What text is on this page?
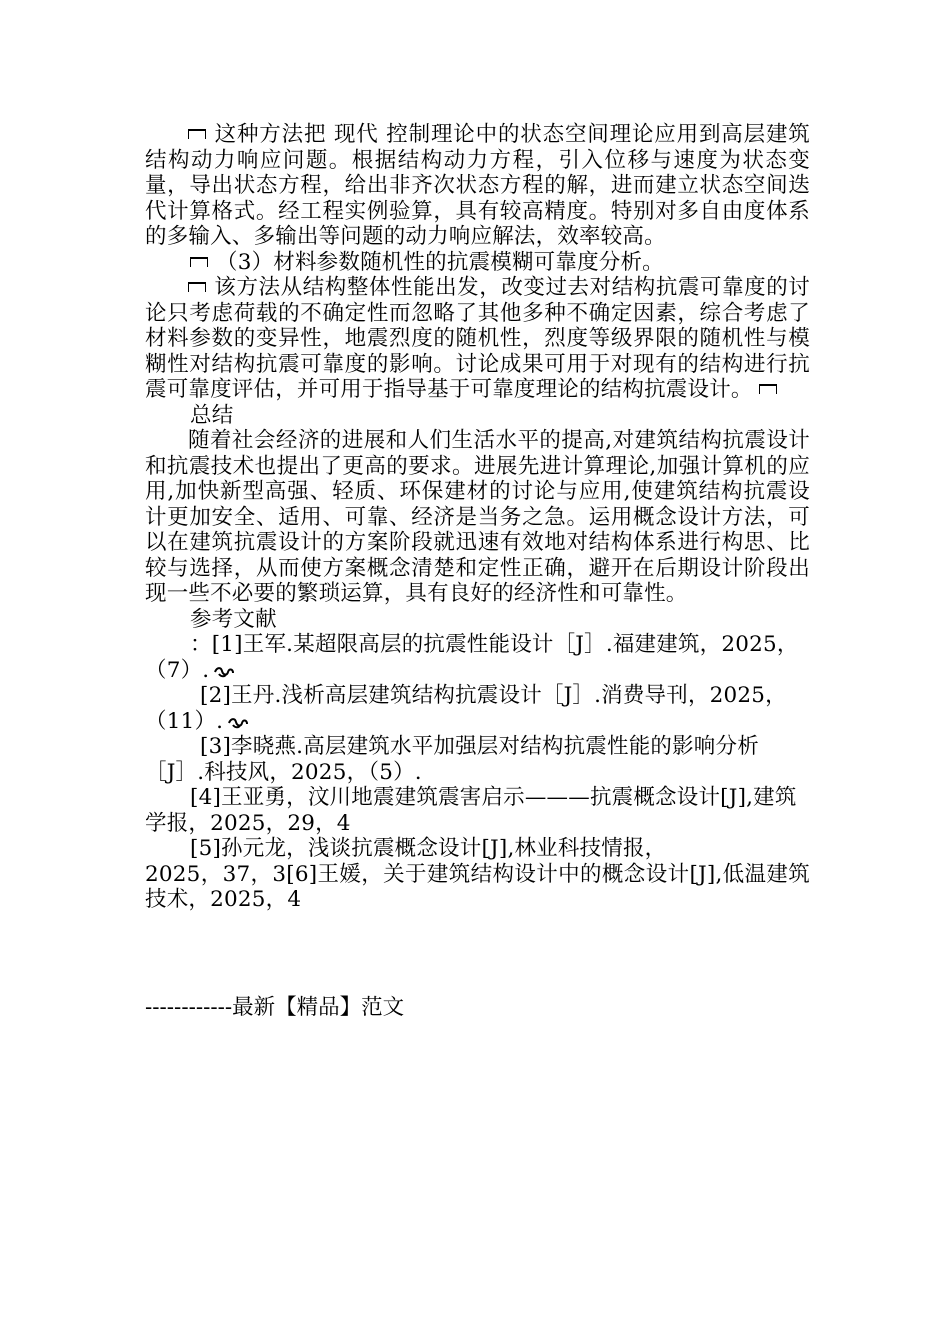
这种方法把 现代 控制理论中的状态空间理论应用到高层建筑结构动力响应问题。根据结构动力方程，引入位移与速度为状态变量，导出状态方程，给出非齐次状态方程的解，进而建立状态空间迭代计算格式。经工程实例验算，具有较高精度。特别对多自由度体系的多输入、多输出等问题的动力响应解法，效率较高。

（3）材料参数随机性的抗震模糊可靠度分析。

该方法从结构整体性能出发，改变过去对结构抗震可靠度的讨论只考虑荷载的不确定性而忽略了其他多种不确定因素，综合考虑了材料参数的变异性，地震烈度的随机性，烈度等级界限的随机性与模糊性对结构抗震可靠度的影响。讨论成果可用于对现有的结构进行抗震可靠度评估，并可用于指导基于可靠度理论的结构抗震设计。

总结

随着社会经济的进展和人们生活水平的提高,对建筑结构抗震设计和抗震技术也提出了更高的要求。进展先进计算理论,加强计算机的应用,加快新型高强、轻质、环保建材的讨论与应用,使建筑结构抗震设计更加安全、适用、可靠、经济是当务之急。运用概念设计方法，可以在建筑抗震设计的方案阶段就迅速有效地对结构体系进行构思、比较与选择，从而使方案概念清楚和定性正确，避开在后期设计阶段出现一些不必要的繁琐运算，具有良好的经济性和可靠性。

参考文献

：[1]王军.某超限高层的抗震性能设计［J］.福建建筑，2025，（7）.

[2]王丹.浅析高层建筑结构抗震设计［J］.消费导刊，2025，（11）.

[3]李晓燕.高层建筑水平加强层对结构抗震性能的影响分析［J］.科技风，2025，（5）.

[4]王亚勇，汶川地震建筑震害启示———抗震概念设计[J],建筑学报，2025，29，4

[5]孙元龙，浅谈抗震概念设计[J],林业科技情报，

2025，37，3[6]王媛，关于建筑结构设计中的概念设计[J],低温建筑技术，2025，4

------------最新【精品】范文
